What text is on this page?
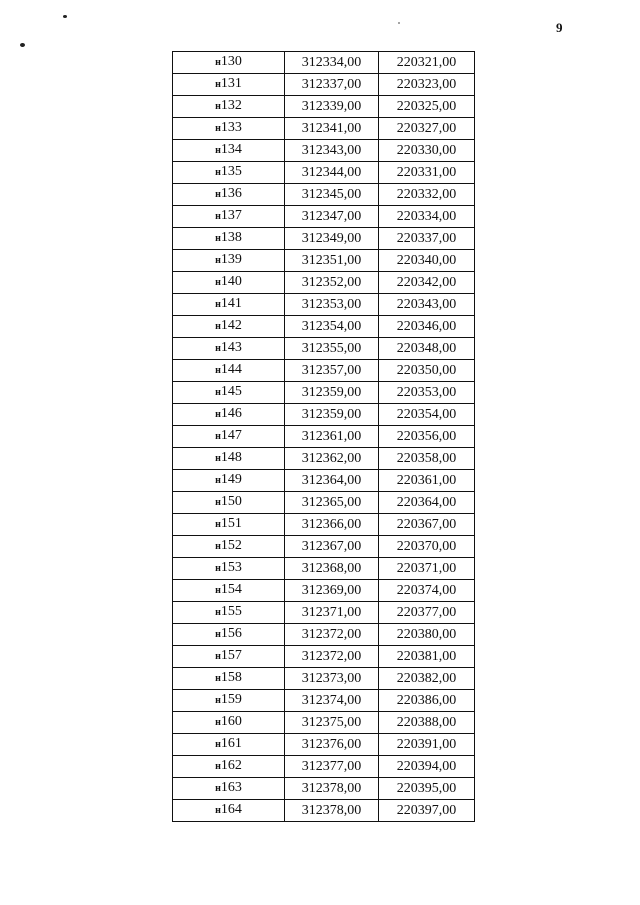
9
н130	312334,00	220321,00
н131	312337,00	220323,00
н132	312339,00	220325,00
н133	312341,00	220327,00
н134	312343,00	220330,00
н135	312344,00	220331,00
н136	312345,00	220332,00
н137	312347,00	220334,00
н138	312349,00	220337,00
н139	312351,00	220340,00
н140	312352,00	220342,00
н141	312353,00	220343,00
н142	312354,00	220346,00
н143	312355,00	220348,00
н144	312357,00	220350,00
н145	312359,00	220353,00
н146	312359,00	220354,00
н147	312361,00	220356,00
н148	312362,00	220358,00
н149	312364,00	220361,00
н150	312365,00	220364,00
н151	312366,00	220367,00
н152	312367,00	220370,00
н153	312368,00	220371,00
н154	312369,00	220374,00
н155	312371,00	220377,00
н156	312372,00	220380,00
н157	312372,00	220381,00
н158	312373,00	220382,00
н159	312374,00	220386,00
н160	312375,00	220388,00
н161	312376,00	220391,00
н162	312377,00	220394,00
н163	312378,00	220395,00
н164	312378,00	220397,00
